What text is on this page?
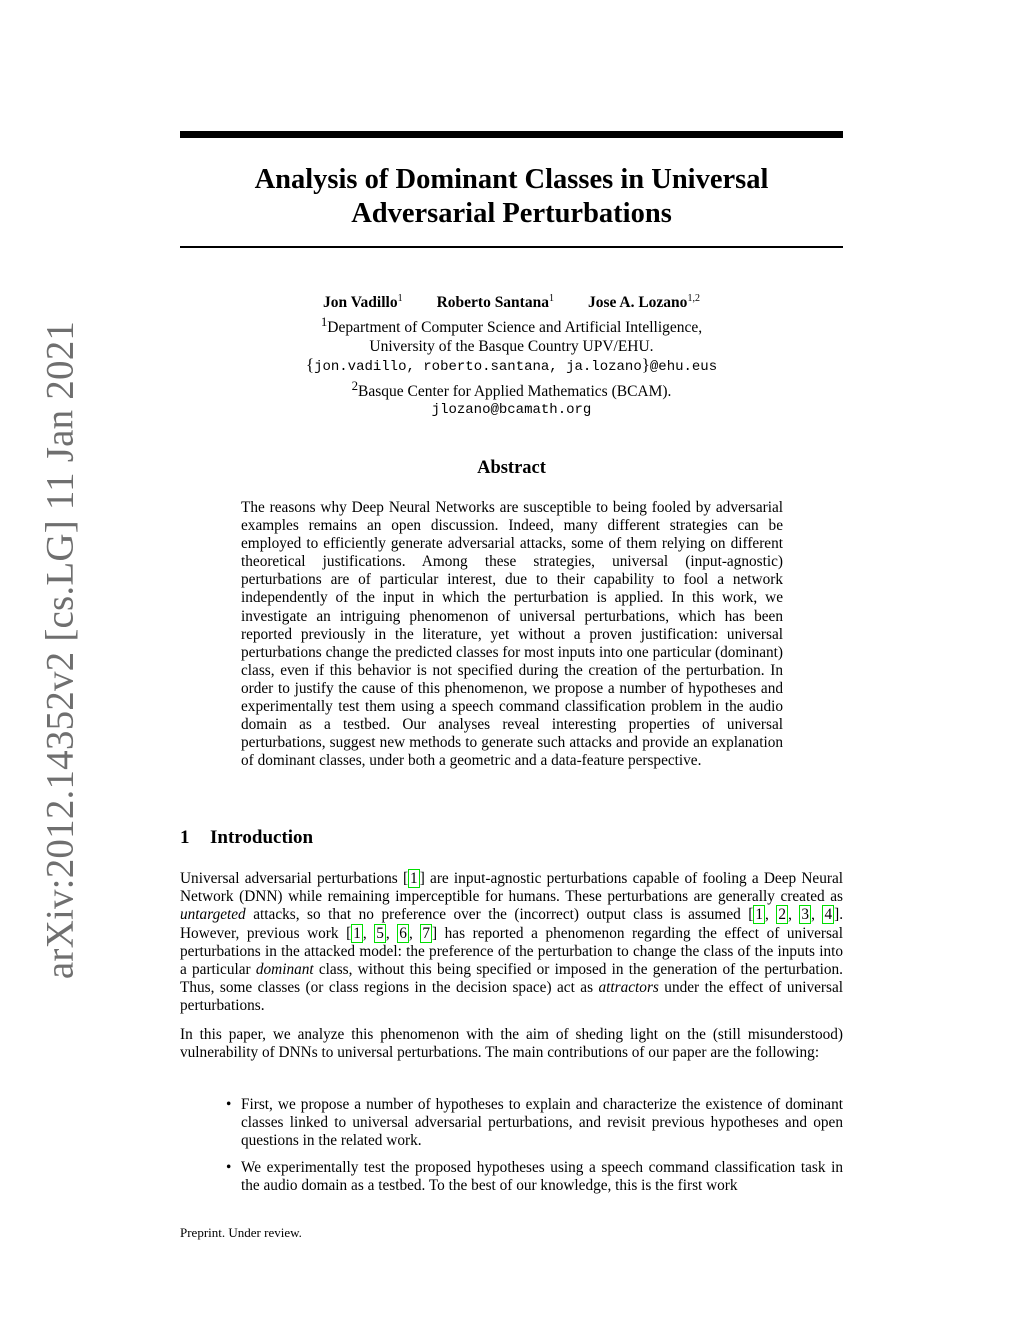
arXiv:2012.14352v2 [cs.LG] 11 Jan 2021
Analysis of Dominant Classes in Universal
Adversarial Perturbations
Jon Vadillo$^1$ Roberto Santana$^1$ Jose A. Lozano$^{1,2}$
$^1$Department of Computer Science and Artificial Intelligence,
University of the Basque Country UPV/EHU.
{jon.vadillo, roberto.santana, ja.lozano}@ehu.eus
$^2$Basque Center for Applied Mathematics (BCAM).
jlozano@bcamath.org
Abstract
The reasons why Deep Neural Networks are susceptible to being fooled by adversarial examples remains an open discussion. Indeed, many different strategies can be employed to efficiently generate adversarial attacks, some of them relying on different theoretical justifications. Among these strategies, universal (input-agnostic) perturbations are of particular interest, due to their capability to fool a network independently of the input in which the perturbation is applied. In this work, we investigate an intriguing phenomenon of universal perturbations, which has been reported previously in the literature, yet without a proven justification: universal perturbations change the predicted classes for most inputs into one particular (dominant) class, even if this behavior is not specified during the creation of the perturbation. In order to justify the cause of this phenomenon, we propose a number of hypotheses and experimentally test them using a speech command classification problem in the audio domain as a testbed. Our analyses reveal interesting properties of universal perturbations, suggest new methods to generate such attacks and provide an explanation of dominant classes, under both a geometric and a data-feature perspective.
1 Introduction
Universal adversarial perturbations [ 1 ] are input-agnostic perturbations capable of fooling a Deep Neural Network (DNN) while remaining imperceptible for humans. These perturbations are generally created as untargeted attacks, so that no preference over the (incorrect) output class is assumed [ 1 , 2 , 3 , 4 ]. However, previous work [ 1 , 5 , 6 , 7 ] has reported a phenomenon regarding the effect of universal perturbations in the attacked model: the preference of the perturbation to change the class of the inputs into a particular dominant class, without this being specified or imposed in the generation of the perturbation. Thus, some classes (or class regions in the decision space) act as attractors under the effect of universal perturbations.
In this paper, we analyze this phenomenon with the aim of sheding light on the (still misunderstood) vulnerability of DNNs to universal perturbations. The main contributions of our paper are the following:
• First, we propose a number of hypotheses to explain and characterize the existence of dominant classes linked to universal adversarial perturbations, and revisit previous hypotheses and open questions in the related work.
• We experimentally test the proposed hypotheses using a speech command classification task in the audio domain as a testbed. To the best of our knowledge, this is the first work
Preprint. Under review.
